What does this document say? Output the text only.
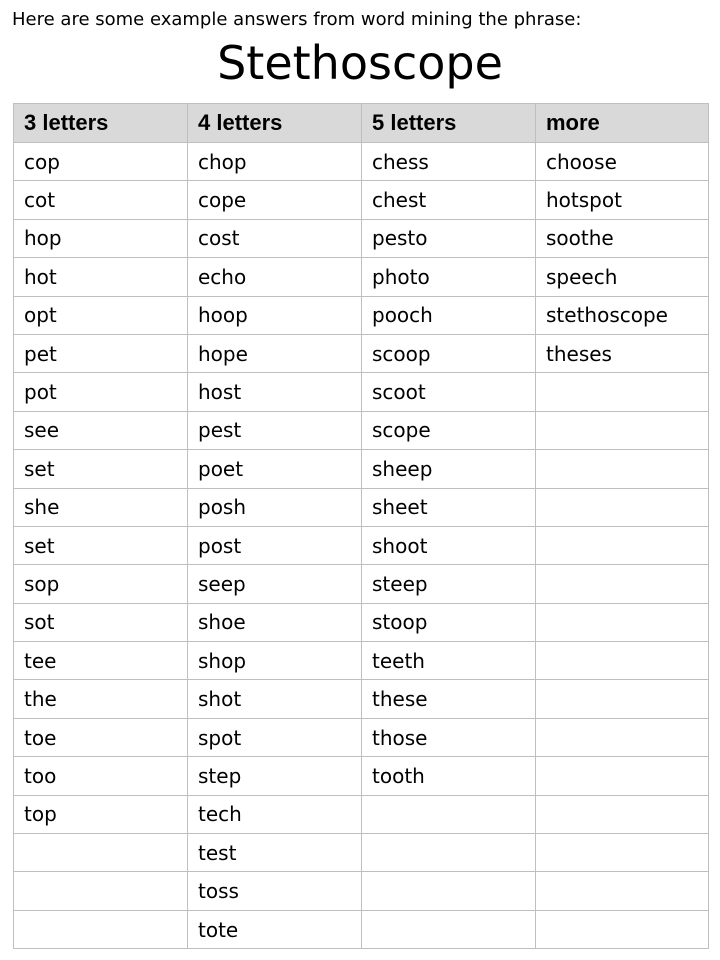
Here are some example answers from word mining the phrase:
Stethoscope
3 letters	4 letters	5 letters	more
cop	chop	chess	choose
cot	cope	chest	hotspot
hop	cost	pesto	soothe
hot	echo	photo	speech
opt	hoop	pooch	stethoscope
pet	hope	scoop	theses
pot	host	scoot	
see	pest	scope	
set	poet	sheep	
she	posh	sheet	
set	post	shoot	
sop	seep	steep	
sot	shoe	stoop	
tee	shop	teeth	
the	shot	these	
toe	spot	those	
too	step	tooth	
top	tech		
	test		
	toss		
	tote		
